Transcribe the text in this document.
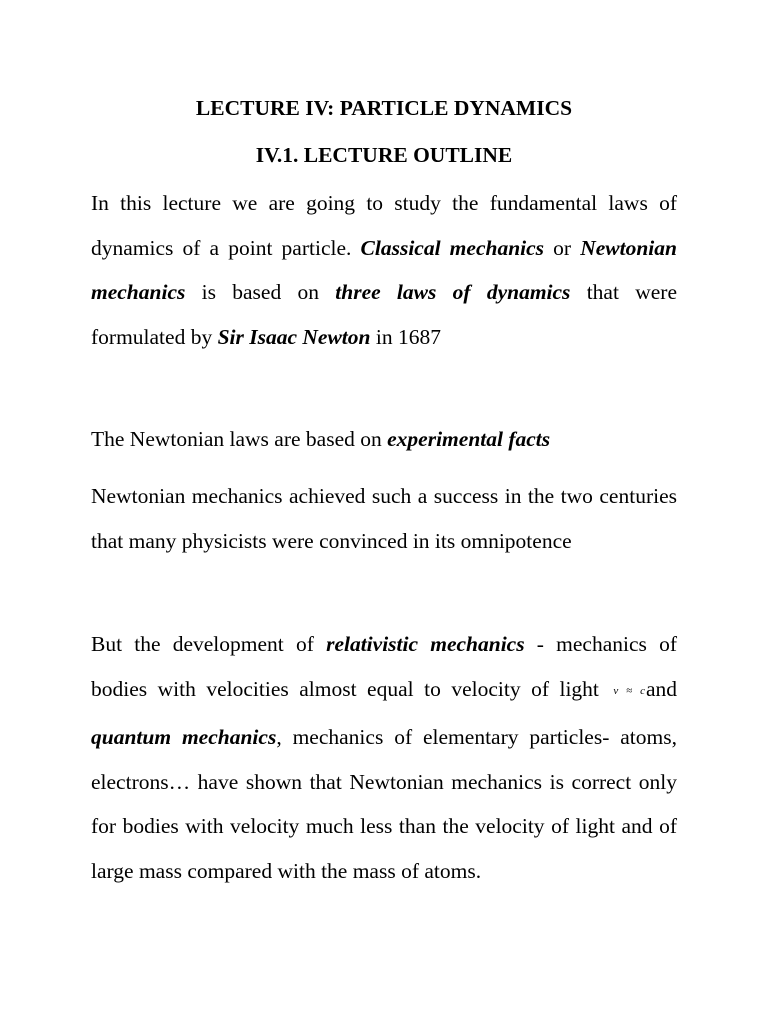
LECTURE IV: PARTICLE DYNAMICS
IV.1. LECTURE OUTLINE

In this lecture we are going to study the fundamental laws of dynamics of a point particle. Classical mechanics or Newtonian mechanics is based on three laws of dynamics that were formulated by Sir Isaac Newton in 1687

The Newtonian laws are based on experimental facts

Newtonian mechanics achieved such a success in the two centuries that many physicists were convinced in its omnipotence

But the development of relativistic mechanics - mechanics of bodies with velocities almost equal to velocity of light v ≈ cand quantum mechanics, mechanics of elementary particles- atoms, electrons… have shown that Newtonian mechanics is correct only for bodies with velocity much less than the velocity of light and of large mass compared with the mass of atoms.
